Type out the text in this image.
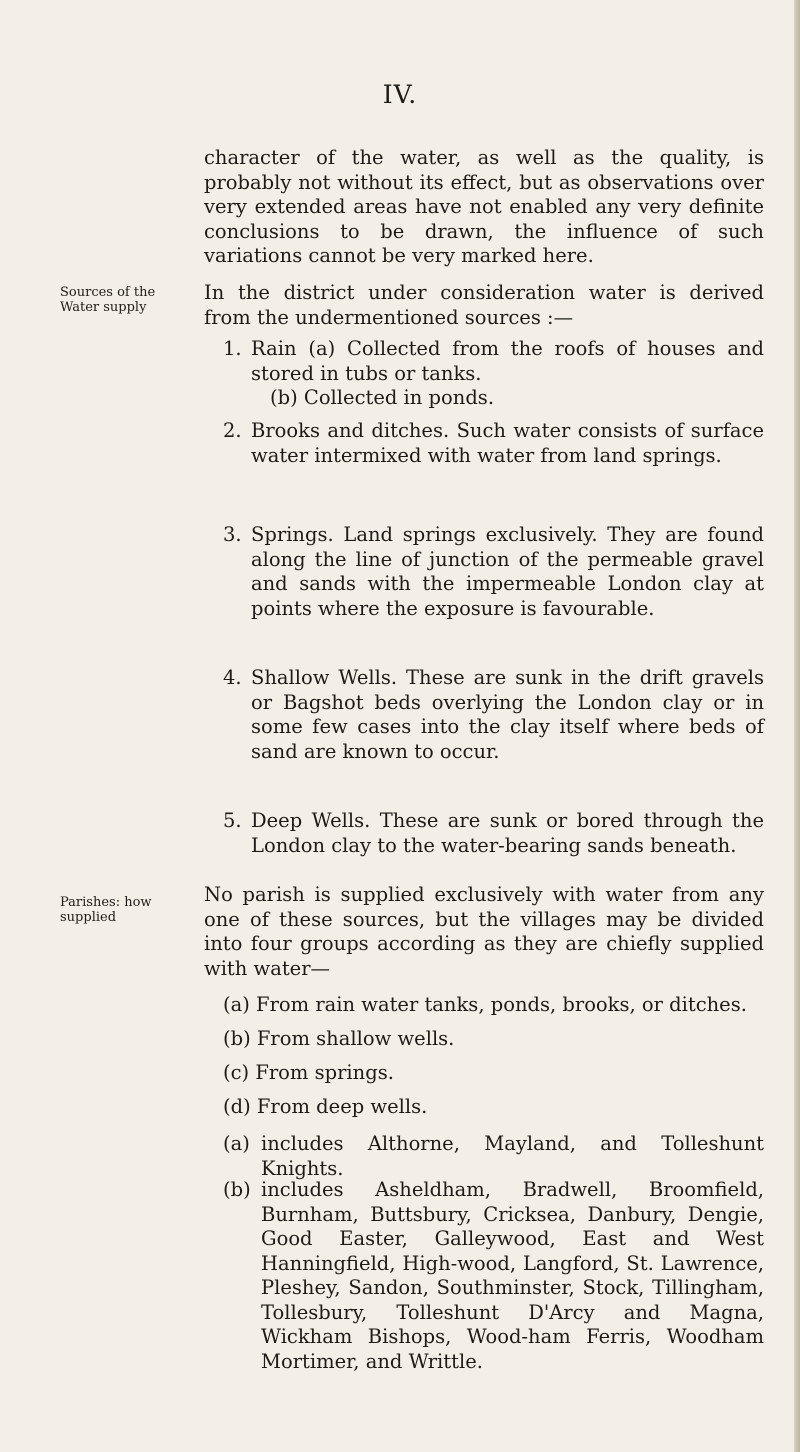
IV.
character of the water, as well as the quality, is probably not without its effect, but as observations over very extended areas have not enabled any very definite conclusions to be drawn, the influence of such variations cannot be very marked here.
Sources of the Water supply
In the district under consideration water is derived from the undermentioned sources :—
1. Rain (a) Collected from the roofs of houses and stored in tubs or tanks.
(b) Collected in ponds.
2. Brooks and ditches. Such water consists of surface water intermixed with water from land springs.
3. Springs. Land springs exclusively. They are found along the line of junction of the permeable gravel and sands with the impermeable London clay at points where the exposure is favourable.
4. Shallow Wells. These are sunk in the drift gravels or Bagshot beds overlying the London clay or in some few cases into the clay itself where beds of sand are known to occur.
5. Deep Wells. These are sunk or bored through the London clay to the water-bearing sands beneath.
Parishes: how supplied
No parish is supplied exclusively with water from any one of these sources, but the villages may be divided into four groups according as they are chiefly supplied with water—
(a) From rain water tanks, ponds, brooks, or ditches.
(b) From shallow wells.
(c) From springs.
(d) From deep wells.
(a) includes Althorne, Mayland, and Tolleshunt Knights.
(b) includes Asheldham, Bradwell, Broomfield, Burnham, Buttsbury, Cricksea, Danbury, Dengie, Good Easter, Galleywood, East and West Hanningfield, High-wood, Langford, St. Lawrence, Pleshey, Sandon, Southminster, Stock, Tillingham, Tollesbury, Tolleshunt D'Arcy and Magna, Wickham Bishops, Wood-ham Ferris, Woodham Mortimer, and Writtle.
